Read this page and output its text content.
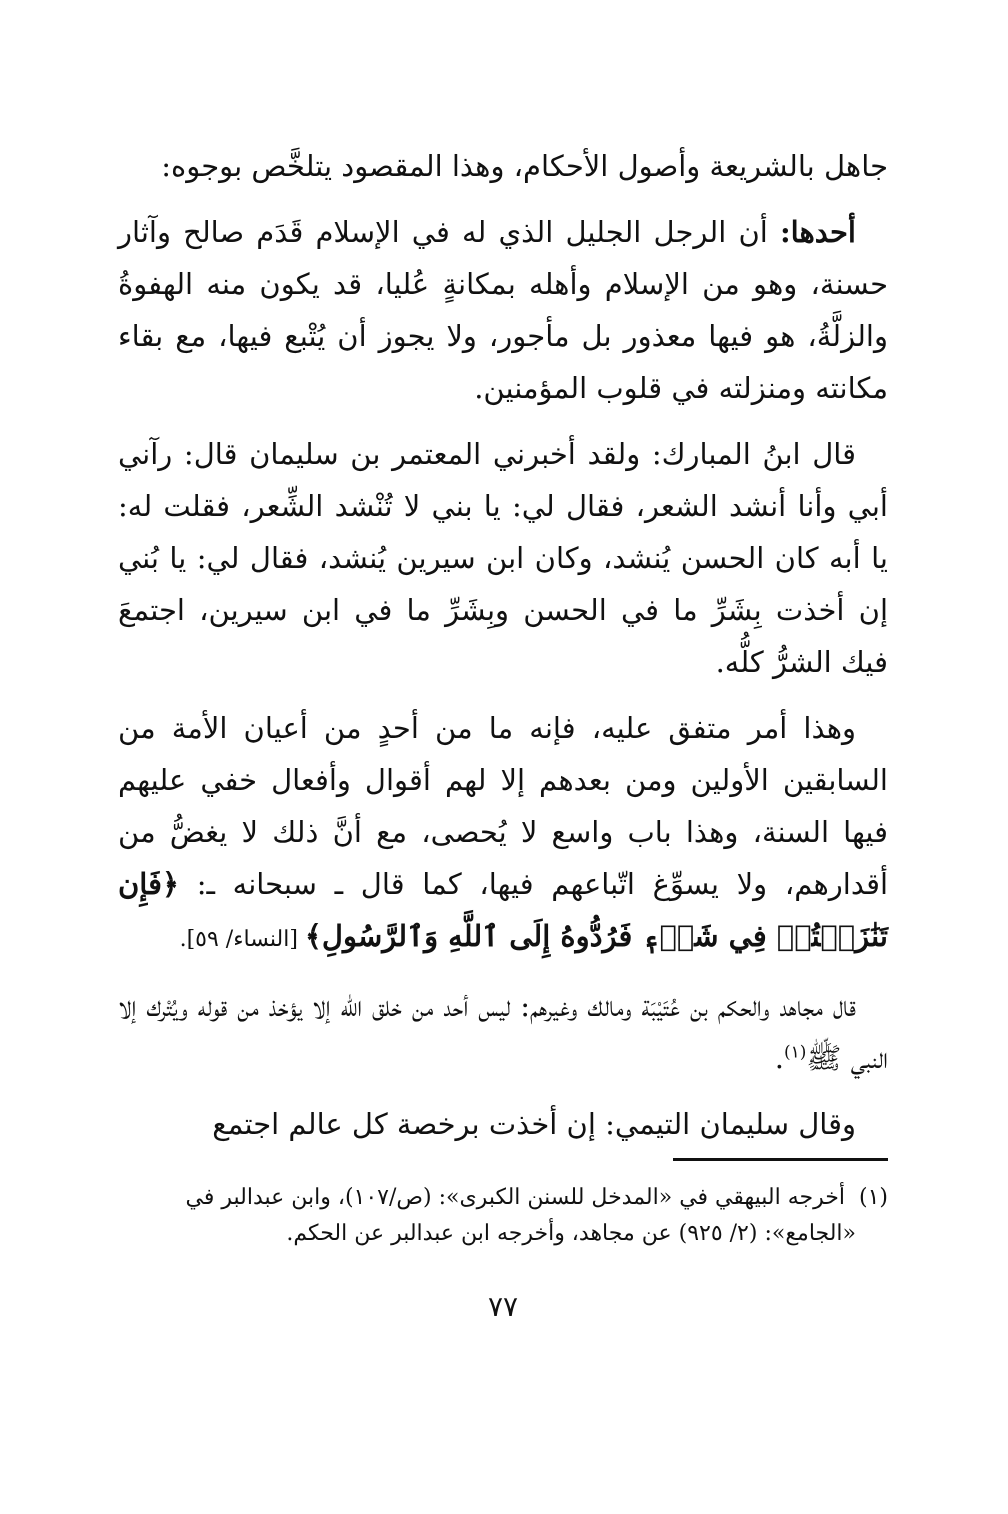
جاهل بالشريعة وأصول الأحكام، وهذا المقصود يتلخَّص بوجوه:

أحدها: أن الرجل الجليل الذي له في الإسلام قَدَم صالح وآثار حسنة، وهو من الإسلام وأهله بمكانةٍ عُليا، قد يكون منه الهفوةُ والزلَّةُ، هو فيها معذور بل مأجور، ولا يجوز أن يُتْبع فيها، مع بقاء مكانته ومنزلته في قلوب المؤمنين.

قال ابنُ المبارك: ولقد أخبرني المعتمر بن سليمان قال: رآني أبي وأنا أنشد الشعر، فقال لي: يا بني لا تُنْشد الشِّعر، فقلت له: يا أبه كان الحسن يُنشد، وكان ابن سيرين يُنشد، فقال لي: يا بُني إن أخذت بِشَرِّ ما في الحسن وبِشَرِّ ما في ابن سيرين، اجتمعَ فيك الشرُّ كلُّه.

وهذا أمر متفق عليه، فإنه ما من أحدٍ من أعيان الأمة من السابقين الأولين ومن بعدهم إلا لهم أقوال وأفعال خفي عليهم فيها السنة، وهذا باب واسع لا يُحصى، مع أنَّ ذلك لا يغضُّ من أقدارهم، ولا يسوِّغ اتّباعهم فيها، كما قال ـ سبحانه ـ: ﴿فَإِن تَنَٰزَعۡتُمۡ فِي شَيۡءٖ فَرُدُّوهُ إِلَى ٱللَّهِ وَٱلرَّسُولِ﴾ [النساء/ ٥٩].

قال مجاهد والحكم بن عُتَيْبَة ومالك وغيرهم: ليس أحد من خلق الله إلا يؤخذ من قوله ويُتْرك إلا النبي ﷺ$^{(١)}$.

وقال سليمان التيمي: إن أخذت برخصة كل عالم اجتمع

(١)أخرجه البيهقي في «المدخل للسنن الكبرى»: (ص/١٠٧)، وابن عبدالبر في
«الجامع»: (٢/ ٩٢٥) عن مجاهد، وأخرجه ابن عبدالبر عن الحكم.
٧٧
